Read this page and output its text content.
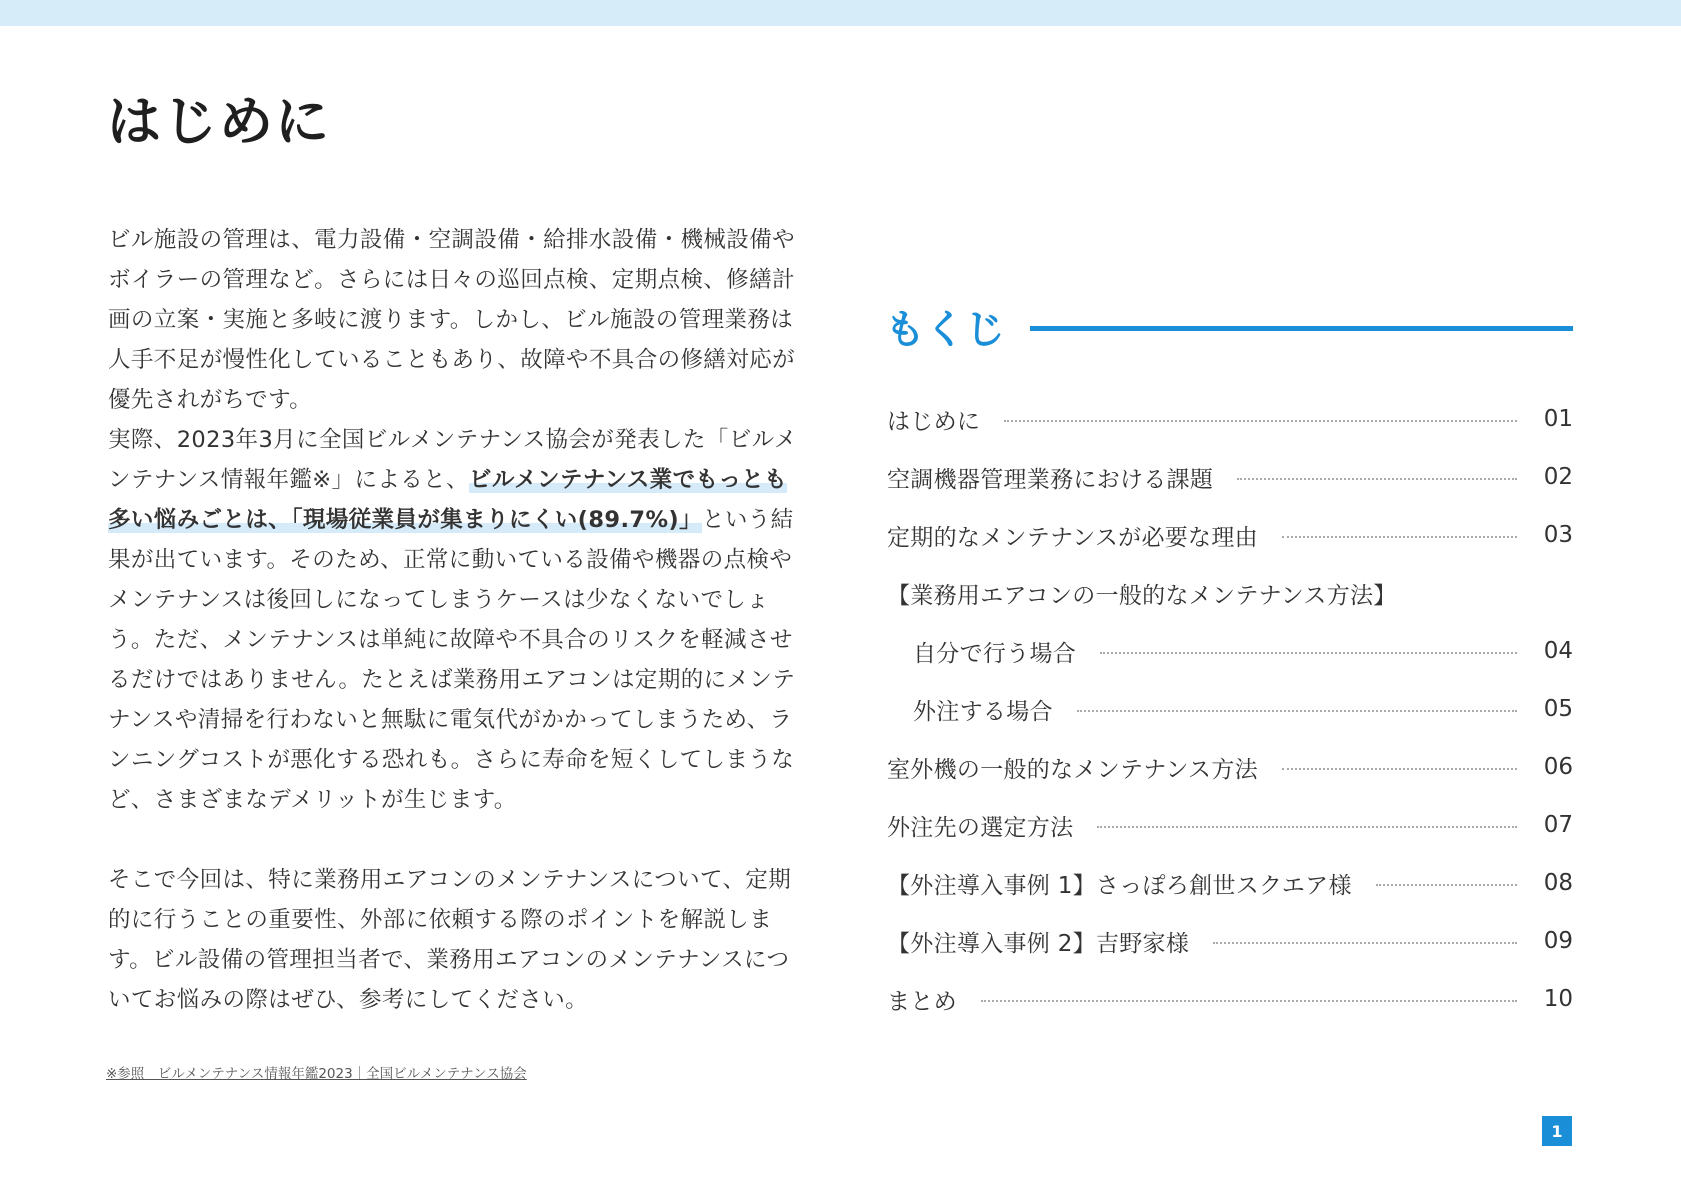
はじめに

ビル施設の管理は、電力設備・空調設備・給排水設備・機械設備やボイラーの管理など。さらには日々の巡回点検、定期点検、修繕計画の立案・実施と多岐に渡ります。しかし、ビル施設の管理業務は人手不足が慢性化していることもあり、故障や不具合の修繕対応が優先されがちです。
実際、2023年3月に全国ビルメンテナンス協会が発表した「ビルメンテナンス情報年鑑※」によると、ビルメンテナンス業でもっとも多い悩みごとは、「現場従業員が集まりにくい(89.7%)」という結果が出ています。そのため、正常に動いている設備や機器の点検やメンテナンスは後回しになってしまうケースは少なくないでしょう。ただ、メンテナンスは単純に故障や不具合のリスクを軽減させるだけではありません。たとえば業務用エアコンは定期的にメンテナンスや清掃を行わないと無駄に電気代がかかってしまうため、ランニングコストが悪化する恐れも。さらに寿命を短くしてしまうなど、さまざまなデメリットが生じます。

そこで今回は、特に業務用エアコンのメンテナンスについて、定期的に行うことの重要性、外部に依頼する際のポイントを解説します。ビル設備の管理担当者で、業務用エアコンのメンテナンスについてお悩みの際はぜひ、参考にしてください。

※参照　ビルメンテナンス情報年鑑2023｜全国ビルメンテナンス協会
もくじ
はじめに	01
空調機器管理業務における課題	02
定期的なメンテナンスが必要な理由	03
【業務用エアコンの一般的なメンテナンス方法】
自分で行う場合	04
外注する場合	05
室外機の一般的なメンテナンス方法	06
外注先の選定方法	07
【外注導入事例 1】さっぽろ創世スクエア様	08
【外注導入事例 2】吉野家様	09
まとめ	10
1
